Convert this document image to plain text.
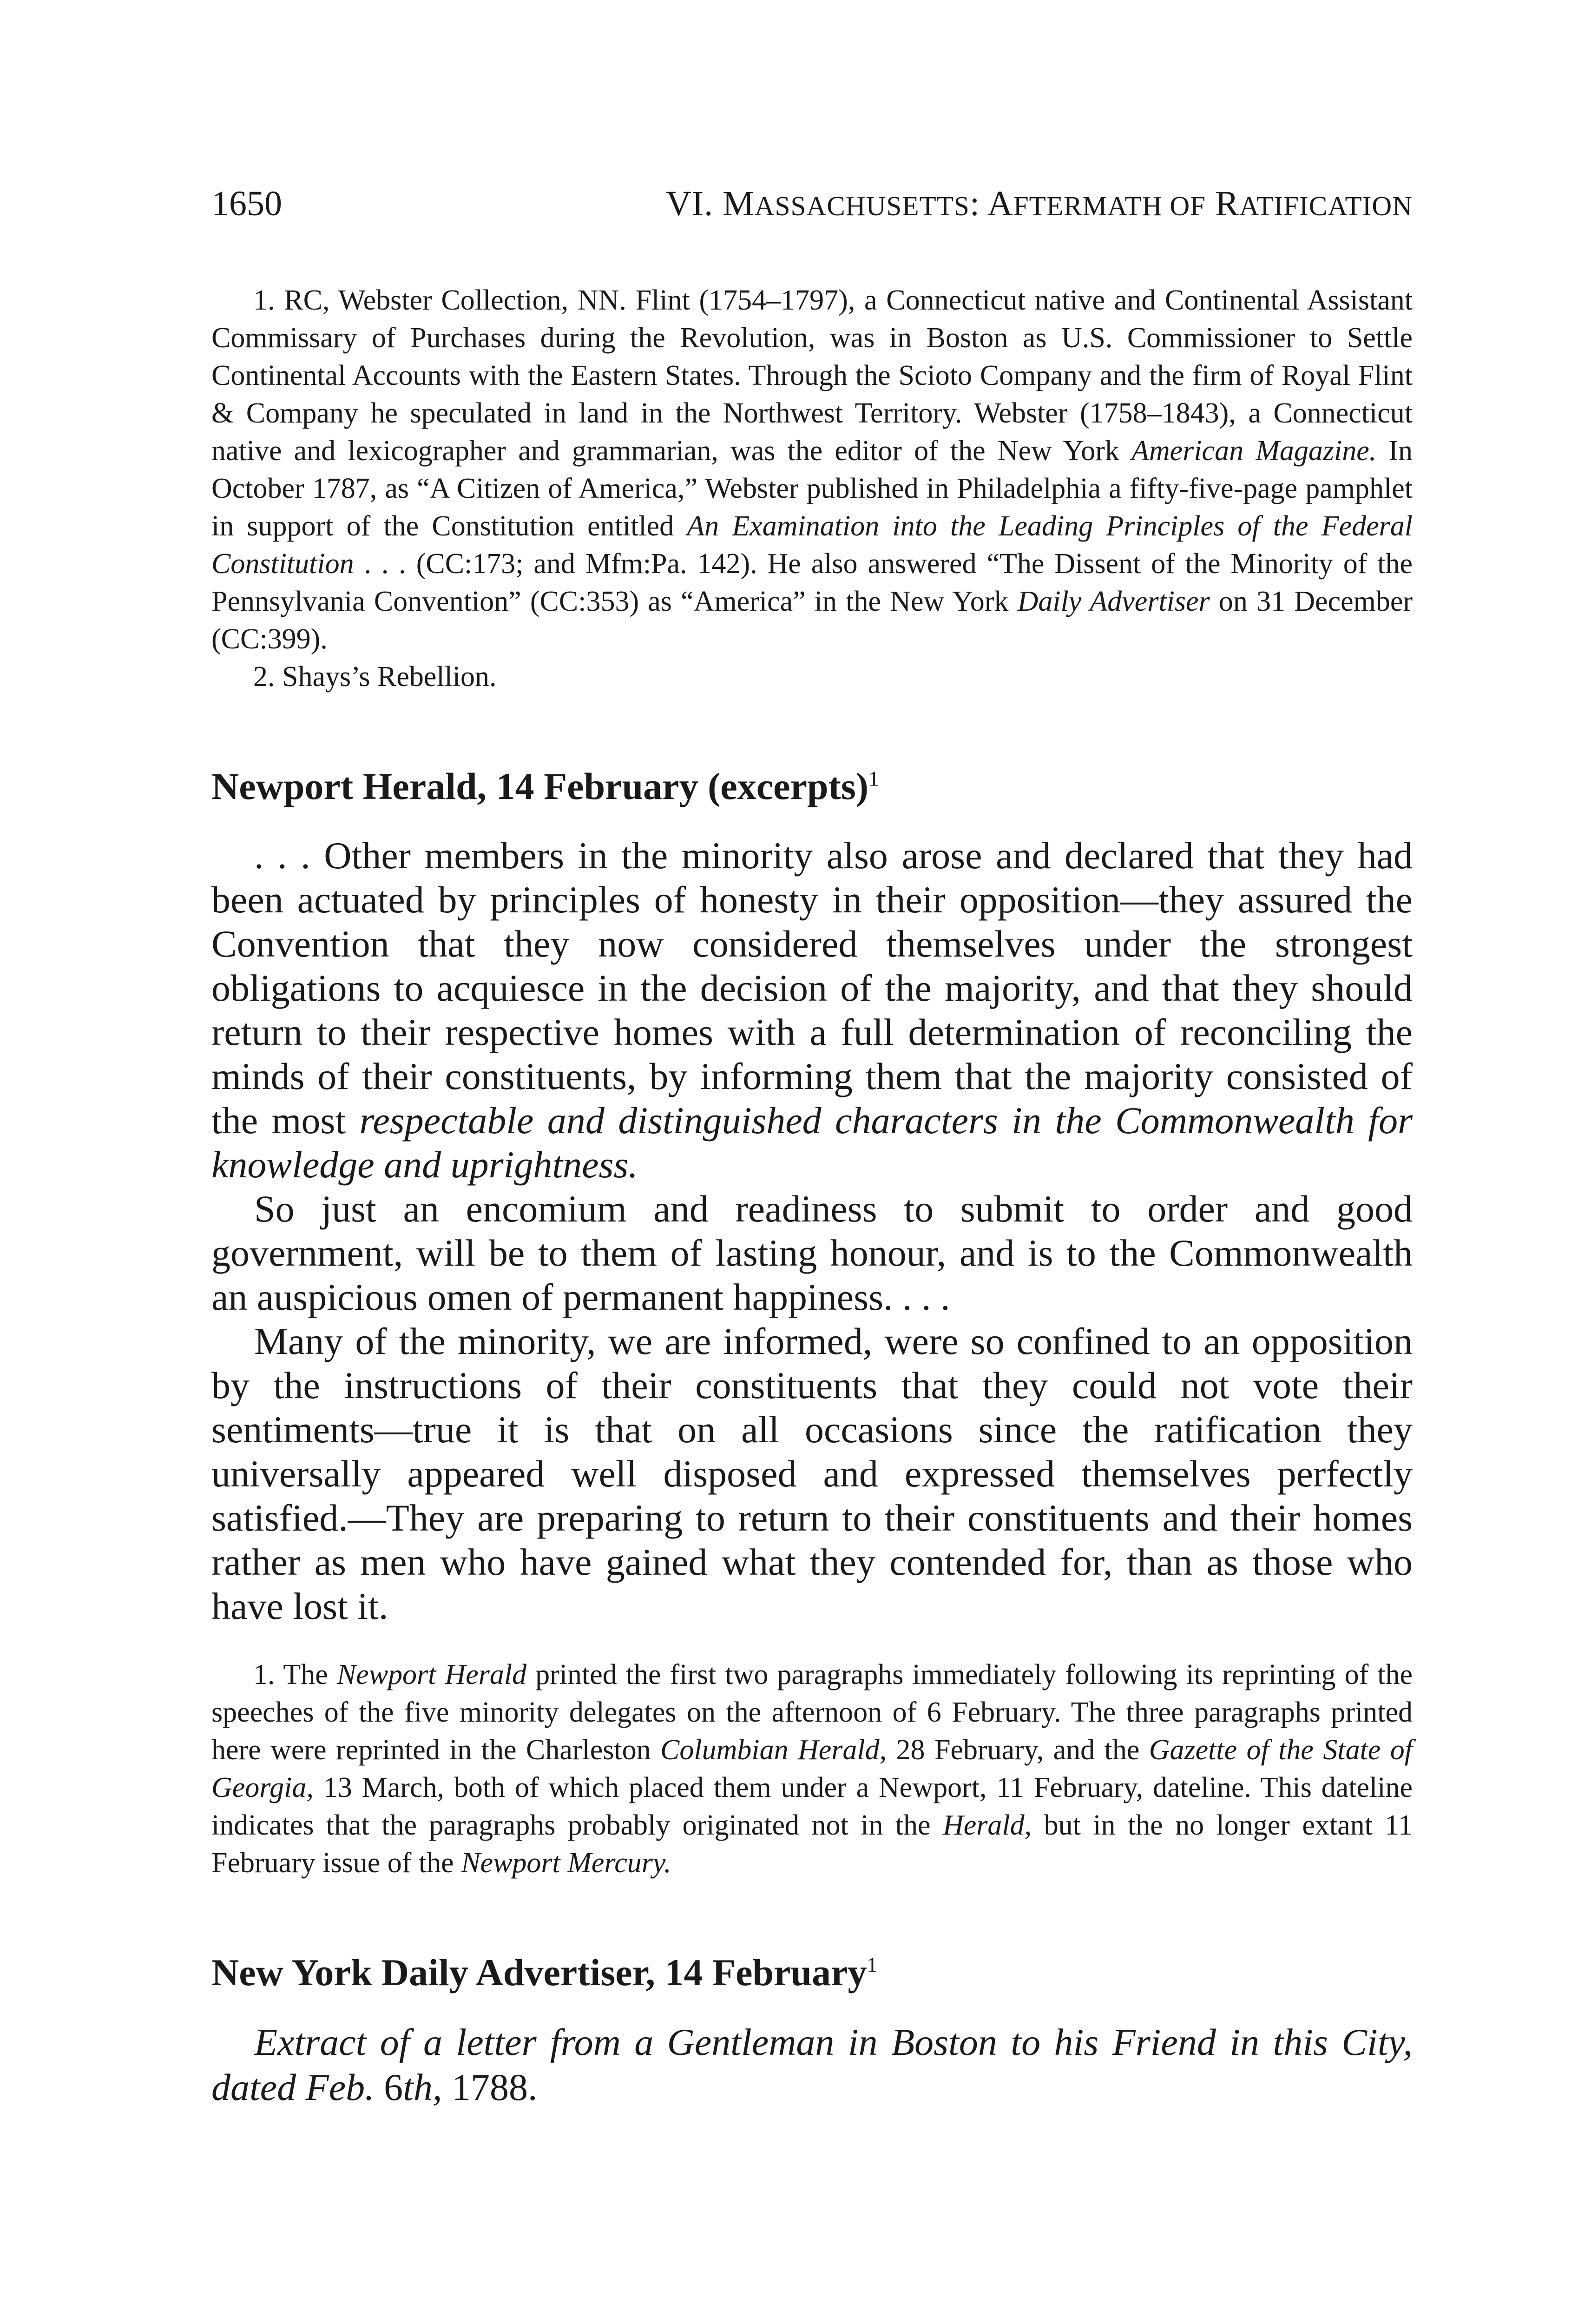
1650	VI. MASSACHUSETTS: AFTERMATH OF RATIFICATION

1. RC, Webster Collection, NN. Flint (1754–1797), a Connecticut native and Continental Assistant Commissary of Purchases during the Revolution, was in Boston as U.S. Commissioner to Settle Continental Accounts with the Eastern States. Through the Scioto Company and the firm of Royal Flint & Company he speculated in land in the Northwest Territory. Webster (1758–1843), a Connecticut native and lexicographer and grammarian, was the editor of the New York American Magazine. In October 1787, as “A Citizen of America,” Webster published in Philadelphia a fifty-five-page pamphlet in support of the Constitution entitled An Examination into the Leading Principles of the Federal Constitution . . . (CC:173; and Mfm:Pa. 142). He also answered “The Dissent of the Minority of the Pennsylvania Convention” (CC:353) as “America” in the New York Daily Advertiser on 31 December (CC:399).

2. Shays’s Rebellion.

Newport Herald, 14 February (excerpts)$^1$

. . . Other members in the minority also arose and declared that they had been actuated by principles of honesty in their opposition—they assured the Convention that they now considered themselves under the strongest obligations to acquiesce in the decision of the majority, and that they should return to their respective homes with a full determination of reconciling the minds of their constituents, by informing them that the majority consisted of the most respectable and distinguished characters in the Commonwealth for knowledge and uprightness.

So just an encomium and readiness to submit to order and good government, will be to them of lasting honour, and is to the Commonwealth an auspicious omen of permanent happiness. . . .

Many of the minority, we are informed, were so confined to an opposition by the instructions of their constituents that they could not vote their sentiments—true it is that on all occasions since the ratification they universally appeared well disposed and expressed themselves perfectly satisfied.—They are preparing to return to their constituents and their homes rather as men who have gained what they contended for, than as those who have lost it.

1. The Newport Herald printed the first two paragraphs immediately following its reprinting of the speeches of the five minority delegates on the afternoon of 6 February. The three paragraphs printed here were reprinted in the Charleston Columbian Herald, 28 February, and the Gazette of the State of Georgia, 13 March, both of which placed them under a Newport, 11 February, dateline. This dateline indicates that the paragraphs probably originated not in the Herald, but in the no longer extant 11 February issue of the Newport Mercury.

New York Daily Advertiser, 14 February$^1$

Extract of a letter from a Gentleman in Boston to his Friend in this City, dated Feb. 6th, 1788.
